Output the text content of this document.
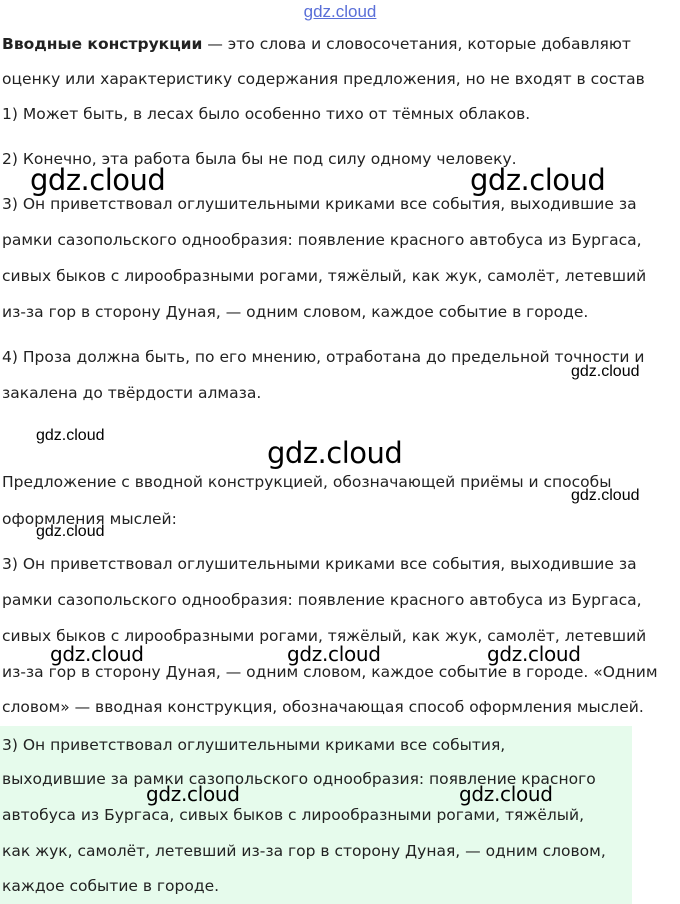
gdz.cloud

Вводные конструкции — это слова и словосочетания, которые добавляют

оценку или характеристику содержания предложения, но не входят в состав

1) Может быть, в лесах было особенно тихо от тёмных облаков.

2) Конечно, эта работа была бы не под силу одному человеку.

3) Он приветствовал оглушительными криками все события, выходившие за

рамки сазопольского однообразия: появление красного автобуса из Бургаса,

сивых быков с лирообразными рогами, тяжёлый, как жук, самолёт, летевший

из-за гор в сторону Дуная, — одним словом, каждое событие в городе.

4) Проза должна быть, по его мнению, отработана до предельной точности и

закалена до твёрдости алмаза.

Предложение с вводной конструкцией, обозначающей приёмы и способы

оформления мыслей:

3) Он приветствовал оглушительными криками все события, выходившие за

рамки сазопольского однообразия: появление красного автобуса из Бургаса,

сивых быков с лирообразными рогами, тяжёлый, как жук, самолёт, летевший

из-за гор в сторону Дуная, — одним словом, каждое событие в городе. «Одним

словом» — вводная конструкция, обозначающая способ оформления мыслей.

3) Он приветствовал оглушительными криками все события,

выходившие за рамки сазопольского однообразия: появление красного

автобуса из Бургаса, сивых быков с лирообразными рогами, тяжёлый,

как жук, самолёт, летевший из-за гор в сторону Дуная, — одним словом,

каждое событие в городе.

gdz.cloud	gdz.cloud
gdz.cloud
gdz.cloud
gdz.cloud
gdz.cloud
gdz.cloud
gdz.cloud	gdz.cloud	gdz.cloud
gdz.cloud	gdz.cloud
